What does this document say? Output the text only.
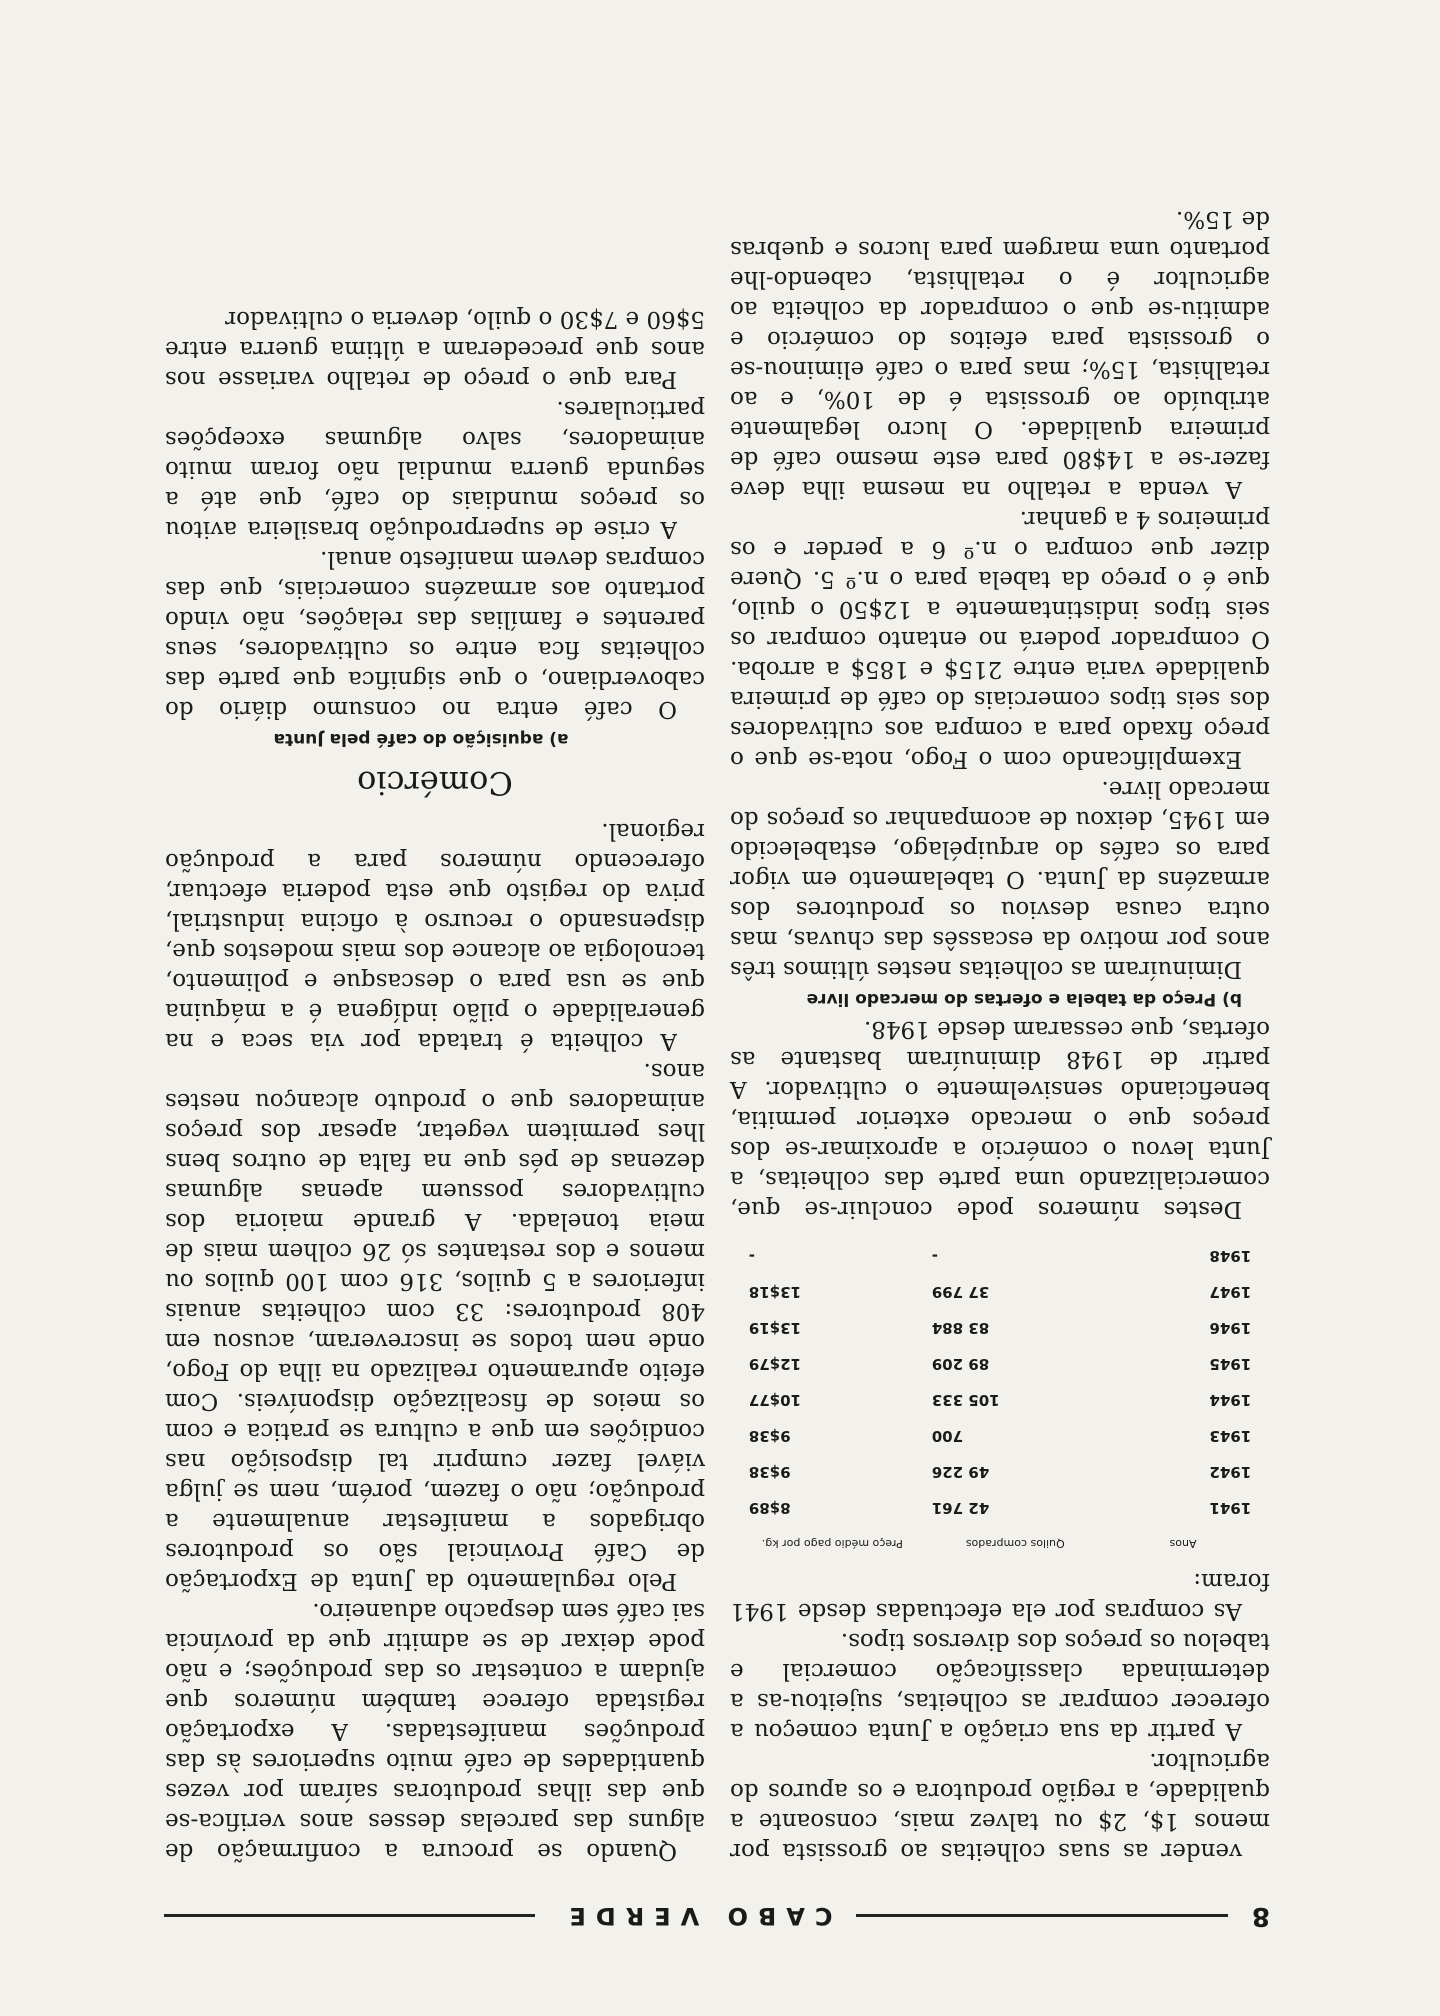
8
CABO VERDE

Quando se procura a confirmação de alguns das parcelas desses anos verifica-se que das ilhas produtoras saíram por vezes quantidades de café muito superiores às das produções manifestadas. A exportação registada oferece também números que ajudam a contestar os das produções; e não pode deixar de se admitir que da província sai café sem despacho aduaneiro.

Pelo regulamento da Junta de Exportação de Café Provincial são os produtores obrigados a manifestar anualmente a produção; não o fazem, porém, nem se julga viável fazer cumprir tal disposição nas condições em que a cultura se pratica e com os meios de fiscalização disponíveis. Com efeito apuramento realizado na ilha do Fogo, onde nem todos se inscreveram, acusou em 408 produtores: 33 com colheitas anuais inferiores a 5 quilos, 316 com 100 quilos ou menos e dos restantes só 26 colhem mais de meia tonelada. A grande maioria dos cultivadores possuem apenas algumas dezenas de pés que na falta de outros bens lhes permitem vegetar, apesar dos preços animadores que o produto alcançou nestes anos.

A colheita é tratada por via seca e na generalidade o pilão indígena é a máquina que se usa para o descasque e polimento, tecnologia ao alcance dos mais modestos que, dispensando o recurso à oficina industrial, priva do registo que esta poderia efectuar, oferecendo números para a produção regional.

Comércio

a) aquisição do café pela Junta

O café entra no consumo diário do caboverdiano, o que significa que parte das colheitas fica entre os cultivadores, seus parentes e famílias das relações, não vindo portanto aos armazéns comerciais, que das compras devem manifesto anual.

A crise de superprodução brasileira avitou os preços mundiais do café, que até a segunda guerra mundial não foram muito animadores, salvo algumas excepções particulares.

Para que o preço de retalho variasse nos anos que precederam a última guerra entre 5$60 e 7$30 o quilo, deveria o cultivador

vender as suas colheitas ao grossista por menos 1$, 2$ ou talvez mais, consoante a qualidade, a região produtora e os apuros do agricultor.

A partir da sua criação a Junta começou a oferecer comprar as colheitas, sujeitou-as a determinada classificação comercial e tabelou os preços dos diversos tipos.

As compras por ela efectuadas desde 1941 foram:

Anos	Quilos comprados	Preço médio pago por kg.
1941	42 761	8$89
1942	49 226	9$38
1943	700	9$38
1944	105 333	10$77
1945	89 209	12$79
1946	83 884	13$19
1947	37 799	13$18
1948	-	-

Destes números pode concluir-se que, comercializando uma parte das colheitas, a Junta levou o comércio a aproximar-se dos preços que o mercado exterior permitia, beneficiando sensivelmente o cultivador. A partir de 1948 diminuíram bastante as ofertas, que cessaram desde 1948.

b) Preço da tabela e ofertas do mercado livre

Diminuíram as colheitas nestes últimos três anos por motivo da escassês das chuvas, mas outra causa desviou os produtores dos armazéns da Junta. O tabelamento em vigor para os cafés do arquipélago, estabelecido em 1945, deixou de acompanhar os preços do mercado livre.

Exemplificando com o Fogo, nota-se que o preço fixado para a compra aos cultivadores dos seis tipos comerciais do café de primeira qualidade varia entre 215$ e 185$ a arroba. O comprador poderá no entanto comprar os seis tipos indistintamente a 12$50 o quilo, que é o preço da tabela para o n.º 5. Quere dizer que compra o n.º 6 a perder e os primeiros 4 a ganhar.

A venda a retalho na mesma ilha deve fazer-se a 14$80 para este mesmo café de primeira qualidade. O lucro legalmente atribuído ao grossista é de 10%, e ao retalhista, 15%; mas para o café eliminou-se o grossista para efeitos do comércio e admitiu-se que o comprador da colheita ao agricultor é o retalhista, cabendo-lhe portanto uma margem para lucros e quebras de 15%.
